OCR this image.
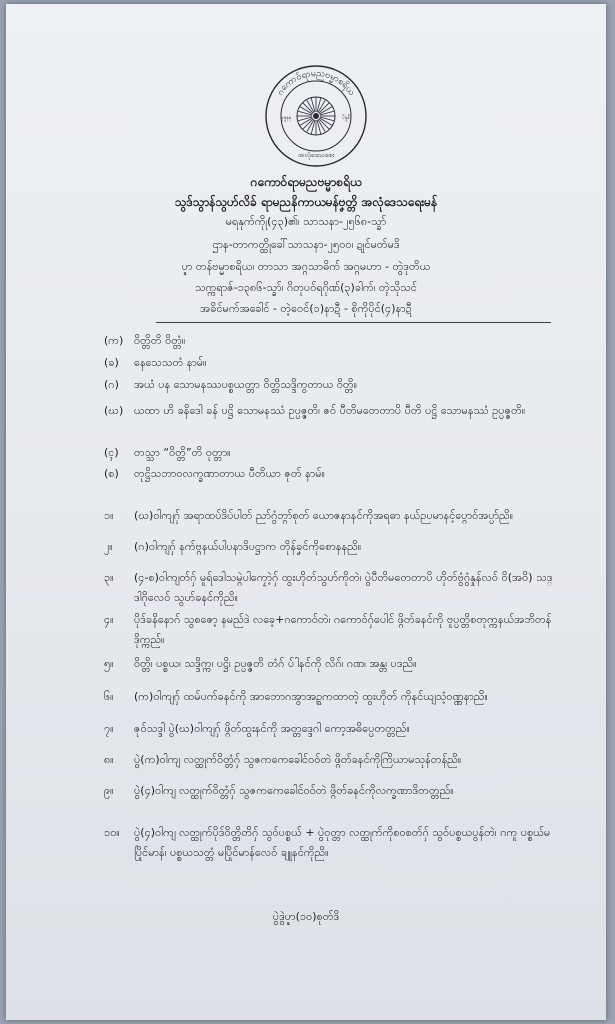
ဂကောဝ်ရာမညဗမ္မာစရိယ
မုန္နနန	ပိန္ခခိ
အလုံဒေသစေး
ဂကောဝ်ရာမညဗမ္မာစရိယ
သွဒ်သွာန်သွဟ်လိခ် ရာမညနိကာယမန်ဗၞတ္တိ အလုံဒေသရေးမန်
မရနုက်ကိုု(၄၃)၏၊ သာသနာ-၂၅၆၈-သ္ခာ်
ဌာန-တာကတ္ထိုခေါ်သာသနာ-၂၅၀၀၊ ဍုင်မတ်မဒိ
ပ္ဍာ တန်ဗမ္မာစရိယ၊ တာသာ အဂ္ဂသာဓိက် အဂ္ဂမဟာ - တွဲဒုတိယ
သက္ကရာဇ်-၁၃၈၆-သ္ခာ်၊ ဂိတုပဝ်ရဂိုဏ်(၃)ခါက်၊ တ္ၚဲသိုသင်
အခိင်မက်အခေါင် - တဲ့ဝေင်(၁)နာဍီ - စိုကိုပိုင်(၄)နာဍီ
(က) ဝိတ္တိတိ ဝိတ္တံ။
(ခ) နေသေသတံ နာမ်။
(ဂ) အယံ ပန သောမနဿပစ္စယတ္တာ ဝိတ္တိသဒ္ဒိကွတာယ ဝိတ္တိ။
(ဃ) ယထာ ဟိ ခနိဒေါ ခန် ပဋ္ဌိ သောမနဿံ ဥပ္ပဇ္ဇတိ၊ ဇဝ် ပီတိမတေတာပိ ပီတိ ပဋ္ဌိ သောမနဿံ ဥပ္ပဇ္ဇတိ။
(ၚ) တသ္သာ “ဝိတ္တိ”တိ ဝုတ္တာ။
(စ) တုဋ္ဌိသဘာဝလက္ခဏာတာယ ပီတိယာ ဇုတ် နာမ်။
၁။ (ဃ)ဝါကျဂှ် အရာထပ်ဒိပ်ပါတ် ညာ်ဂွံဘ္ဂာ်စုတ် ယောဇနာနင်ကိုအရဓာ နယ်ဉပမာနင့်ပ္ဂောဝ်အပ္ပာ်ညိ။
၂။ (ဂ)ဝါကျဂှ် နက်ဗ္ဂနယ်ပါပနာဒိပဋ္ဌာက တိုန်ခၞင်ကိုစောနနညိ။
၃။ (၄-စ)ဝါကျတ်ဂှ် မူရ်ဒေါသမ္ဂဲပါကၠောဲ့ဂှ် ထွးဟိုတ်သွဟ်ကိုတဲ၊ ပွဲပီတိမတေတာပိ ဟိုတ်ဗွံဂွံနှုန်လဝ် ဝိ(အဝိ) သဒ္ဒါဂိုလေဝ် သွဟ်ခနင်ကိုညိ။
၄။ ပိုဒ်ခနိနောဂ် သွစဇော့ နမည်ဒဲ လခေ့+ဂကောဝ်တဲ၊ ဂကောဝ်ဂှ်ပေါင် ဖ္ဂိတ်ခနင်ကို ဗူပ္ပတ္တိစတုက္ကနယ်အဘိတန် ဒိုက္ကည်။
၅။ ဝိတ္တိ၊ ပစ္စယ၊ သဒ္ဒိက္က၊ ပဋ္ဌိ၊ ဥပ္ပဇ္ဇတိ တံဂ် ပ်ါနင်ကို လိဂ်၊ ဂဏ၊ အန္တ၊ ပဒညိ။
၆။ (က)ဝါကျဂှ် ထမ်ပက်ခနင်ကို အာဘောဂအွာအဥ္ဂကထာတဲ့ ထွးဟိုတ် ကိုနင်ယျသံ့ဝဏ္ဏနာညိ။
၇။ ဇုဝ်သဒ္ဒါ ပွဲ(ဃ)ဝါကျဂှ် ဖ္ဂိတ်ထွးနင်ကို အတ္တဒ္ဒေဂါ ကော့အဓိပ္ပေတတ္တည်။
၈။ ပွဲ(က)ဝါကျ လတ္ထုက်ဝိတ္တံဂှ် သွဇကကေခေါင်ဝဝ်တဲ ဖ္ဂိတ်ခနင်ကိုကြိယာမသုန်တန်ညိ။
၉။ ပွဲ(၄)ဝါကျ လတ္ထုက်ဝိတ္တံဂှ် သွဇကကေခေါင်ဝဝ်တဲ ဖ္ဂိတ်ခနင်ကိုလက္ခဏာဒိတတ္တည်။
၁၀။ ပွဲ(၄)ဝါကျ လတ္ထုက်ပိုဒ်ဝိတ္တိတိဂှ် သွဝ်ပစ္စယ် + ပွဲဝုတ္တာ လတ္ထုက်ကိုစဝစတ်ဂှ် သွဝ်ပစ္စယပွန်တဲ၊ ဂကူ ပစ္စယ်မပြိုင်မာန်၊ ပစ္စယသတ္တံ မပြိုင်မာန်လေဝ် ချူနင်ကိုညိ။
ပွဲဒွဲပ္ဍာ(၁၀)စုတ်ဒိ
